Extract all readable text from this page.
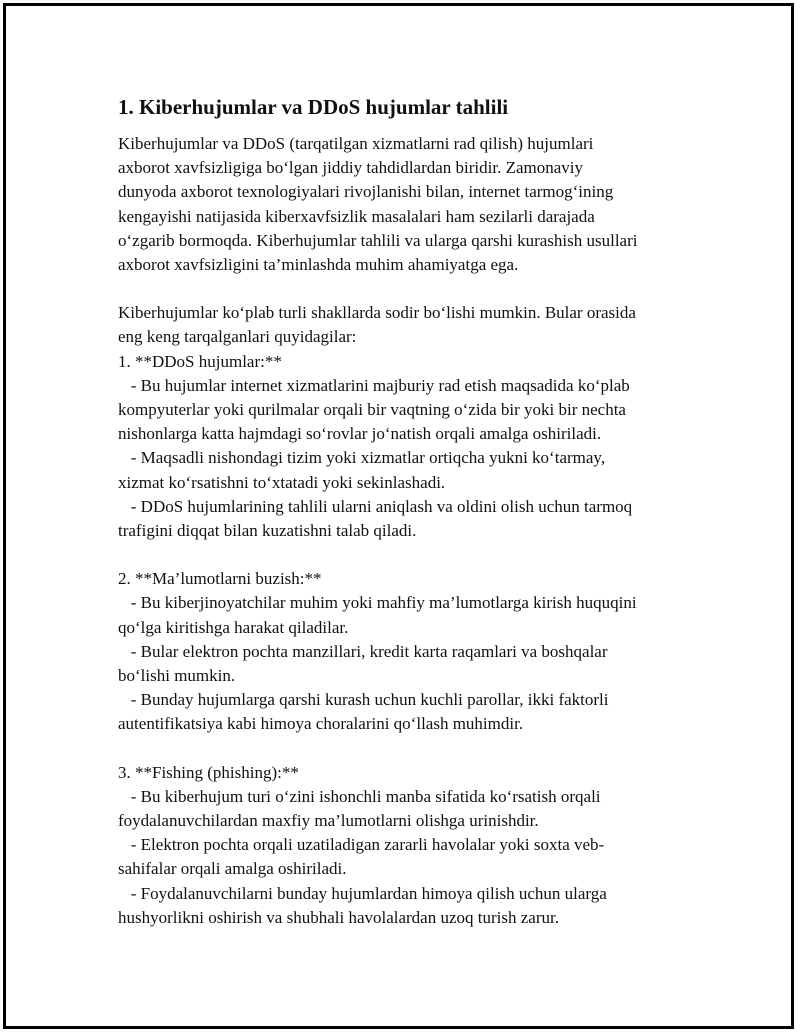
1. Kiberhujumlar va DDoS hujumlar tahlili
Kiberhujumlar va DDoS (tarqatilgan xizmatlarni rad qilish) hujumlari
axborot xavfsizligiga bo‘lgan jiddiy tahdidlardan biridir. Zamonaviy
dunyoda axborot texnologiyalari rivojlanishi bilan, internet tarmog‘ining
kengayishi natijasida kiberxavfsizlik masalalari ham sezilarli darajada
o‘zgarib bormoqda. Kiberhujumlar tahlili va ularga qarshi kurashish usullari
axborot xavfsizligini ta’minlashda muhim ahamiyatga ega.
Kiberhujumlar ko‘plab turli shakllarda sodir bo‘lishi mumkin. Bular orasida
eng keng tarqalganlari quyidagilar:
1. **DDoS hujumlar:**
- Bu hujumlar internet xizmatlarini majburiy rad etish maqsadida ko‘plab
kompyuterlar yoki qurilmalar orqali bir vaqtning o‘zida bir yoki bir nechta
nishonlarga katta hajmdagi so‘rovlar jo‘natish orqali amalga oshiriladi.
- Maqsadli nishondagi tizim yoki xizmatlar ortiqcha yukni ko‘tarmay,
xizmat ko‘rsatishni to‘xtatadi yoki sekinlashadi.
- DDoS hujumlarining tahlili ularni aniqlash va oldini olish uchun tarmoq
trafigini diqqat bilan kuzatishni talab qiladi.
2. **Ma’lumotlarni buzish:**
- Bu kiberjinoyatchilar muhim yoki mahfiy ma’lumotlarga kirish huquqini
qo‘lga kiritishga harakat qiladilar.
- Bular elektron pochta manzillari, kredit karta raqamlari va boshqalar
bo‘lishi mumkin.
- Bunday hujumlarga qarshi kurash uchun kuchli parollar, ikki faktorli
autentifikatsiya kabi himoya choralarini qo‘llash muhimdir.
3. **Fishing (phishing):**
- Bu kiberhujum turi o‘zini ishonchli manba sifatida ko‘rsatish orqali
foydalanuvchilardan maxfiy ma’lumotlarni olishga urinishdir.
- Elektron pochta orqali uzatiladigan zararli havolalar yoki soxta veb-
sahifalar orqali amalga oshiriladi.
- Foydalanuvchilarni bunday hujumlardan himoya qilish uchun ularga
hushyorlikni oshirish va shubhali havolalardan uzoq turish zarur.
